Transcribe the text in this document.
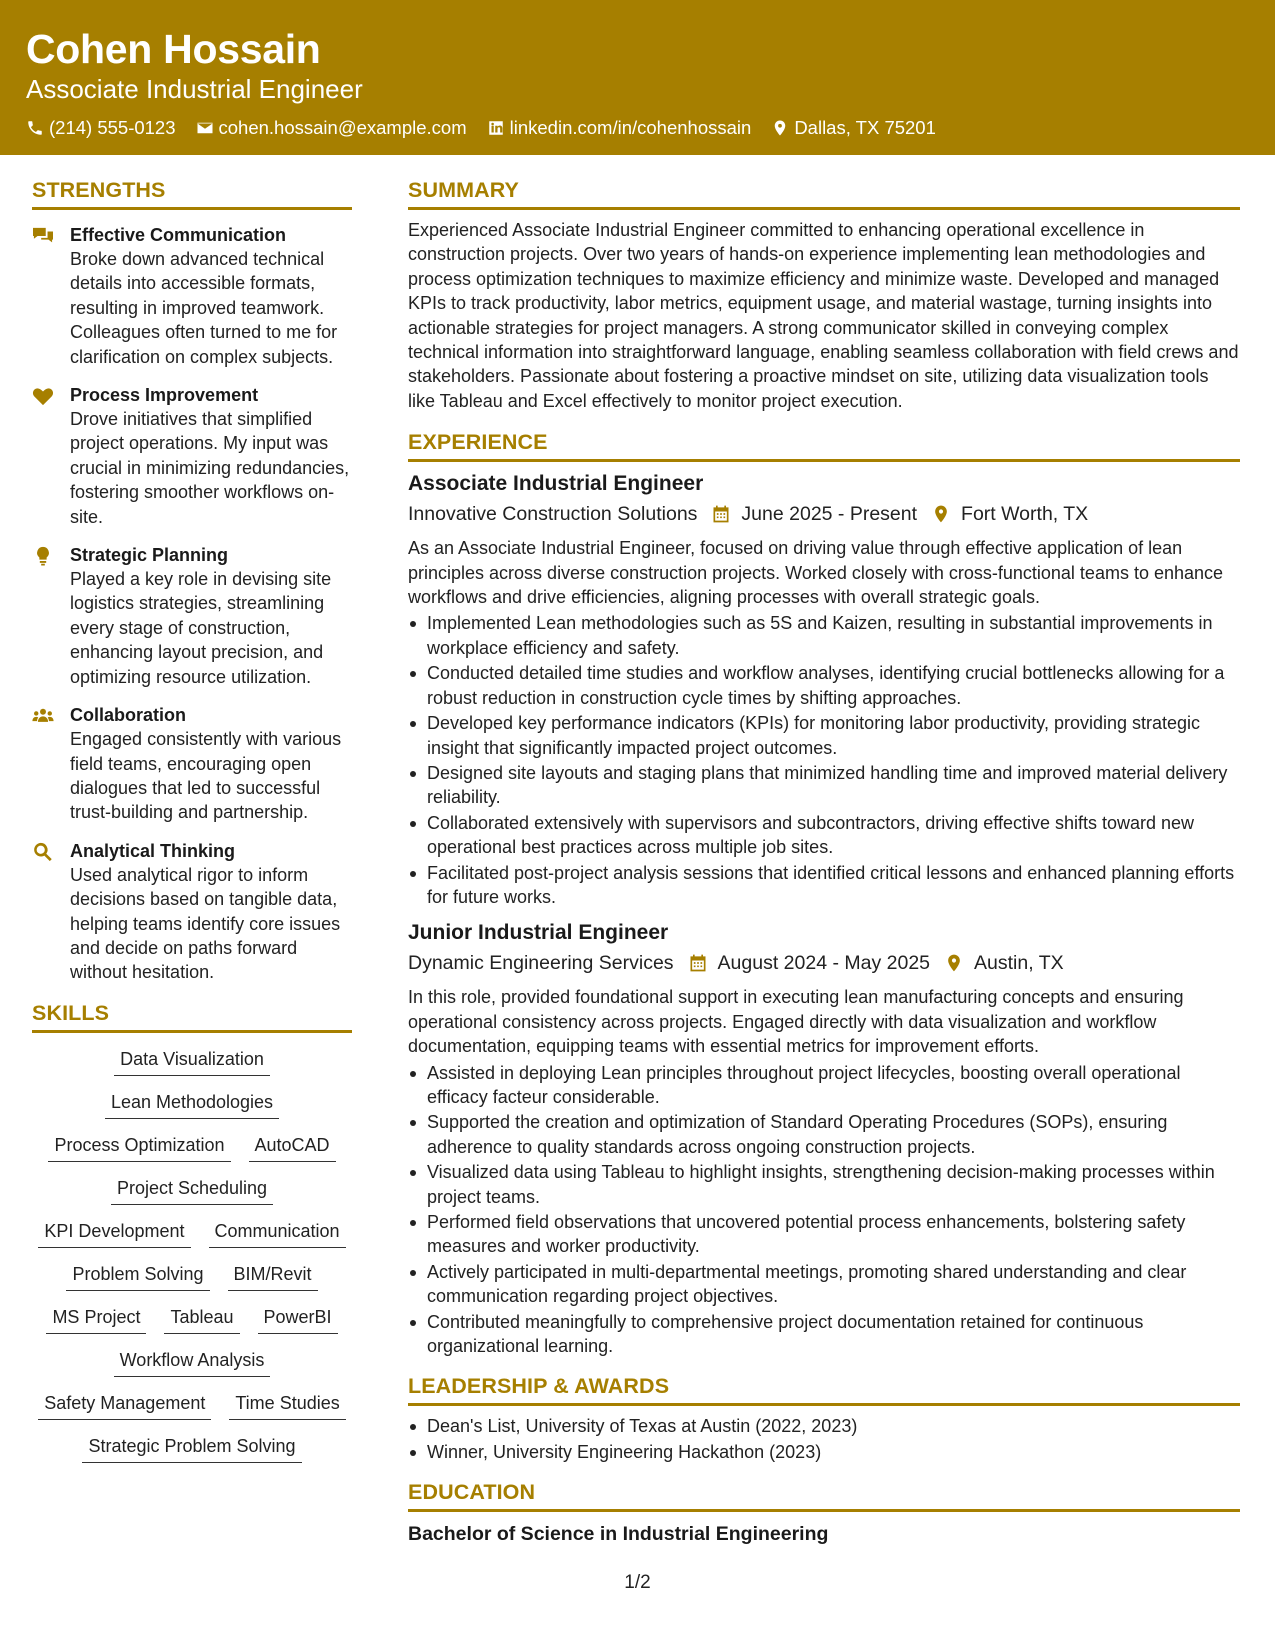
Cohen Hossain
Associate Industrial Engineer
(214) 555-0123 cohen.hossain@example.com linkedin.com/in/cohenhossain Dallas, TX 75201
STRENGTHS
Effective Communication
Broke down advanced technical details into accessible formats, resulting in improved teamwork. Colleagues often turned to me for clarification on complex subjects.
Process Improvement
Drove initiatives that simplified project operations. My input was crucial in minimizing redundancies, fostering smoother workflows on-site.
Strategic Planning
Played a key role in devising site logistics strategies, streamlining every stage of construction, enhancing layout precision, and optimizing resource utilization.
Collaboration
Engaged consistently with various field teams, encouraging open dialogues that led to successful trust-building and partnership.
Analytical Thinking
Used analytical rigor to inform decisions based on tangible data, helping teams identify core issues and decide on paths forward without hesitation.
SKILLS
Data Visualization
Lean Methodologies
Process Optimization	AutoCAD
Project Scheduling
KPI Development	Communication
Problem Solving	BIM/Revit
MS Project	Tableau	PowerBI
Workflow Analysis
Safety Management	Time Studies
Strategic Problem Solving
SUMMARY
Experienced Associate Industrial Engineer committed to enhancing operational excellence in construction projects. Over two years of hands-on experience implementing lean methodologies and process optimization techniques to maximize efficiency and minimize waste. Developed and managed KPIs to track productivity, labor metrics, equipment usage, and material wastage, turning insights into actionable strategies for project managers. A strong communicator skilled in conveying complex technical information into straightforward language, enabling seamless collaboration with field crews and stakeholders. Passionate about fostering a proactive mindset on site, utilizing data visualization tools like Tableau and Excel effectively to monitor project execution.
EXPERIENCE
Associate Industrial Engineer
Innovative Construction Solutions June 2025 - Present Fort Worth, TX
As an Associate Industrial Engineer, focused on driving value through effective application of lean principles across diverse construction projects. Worked closely with cross-functional teams to enhance workflows and drive efficiencies, aligning processes with overall strategic goals.
Implemented Lean methodologies such as 5S and Kaizen, resulting in substantial improvements in workplace efficiency and safety.
Conducted detailed time studies and workflow analyses, identifying crucial bottlenecks allowing for a robust reduction in construction cycle times by shifting approaches.
Developed key performance indicators (KPIs) for monitoring labor productivity, providing strategic insight that significantly impacted project outcomes.
Designed site layouts and staging plans that minimized handling time and improved material delivery reliability.
Collaborated extensively with supervisors and subcontractors, driving effective shifts toward new operational best practices across multiple job sites.
Facilitated post-project analysis sessions that identified critical lessons and enhanced planning efforts for future works.
Junior Industrial Engineer
Dynamic Engineering Services August 2024 - May 2025 Austin, TX
In this role, provided foundational support in executing lean manufacturing concepts and ensuring operational consistency across projects. Engaged directly with data visualization and workflow documentation, equipping teams with essential metrics for improvement efforts.
Assisted in deploying Lean principles throughout project lifecycles, boosting overall operational efficacy facteur considerable.
Supported the creation and optimization of Standard Operating Procedures (SOPs), ensuring adherence to quality standards across ongoing construction projects.
Visualized data using Tableau to highlight insights, strengthening decision-making processes within project teams.
Performed field observations that uncovered potential process enhancements, bolstering safety measures and worker productivity.
Actively participated in multi-departmental meetings, promoting shared understanding and clear communication regarding project objectives.
Contributed meaningfully to comprehensive project documentation retained for continuous organizational learning.
LEADERSHIP & AWARDS
Dean's List, University of Texas at Austin (2022, 2023)
Winner, University Engineering Hackathon (2023)
EDUCATION
Bachelor of Science in Industrial Engineering
1/2
